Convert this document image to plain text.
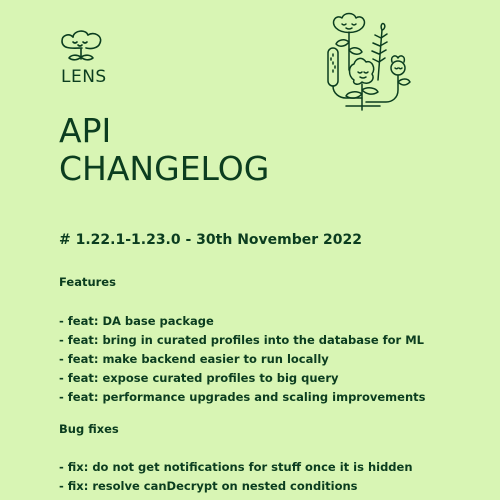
LENS
API
CHANGELOG

# 1.22.1-1.23.0 - 30th November 2022

Features

- feat: DA base package
- feat: bring in curated profiles into the database for ML
- feat: make backend easier to run locally
- feat: expose curated profiles to big query
- feat: performance upgrades and scaling improvements

Bug fixes

- fix: do not get notifications for stuff once it is hidden
- fix: resolve canDecrypt on nested conditions
